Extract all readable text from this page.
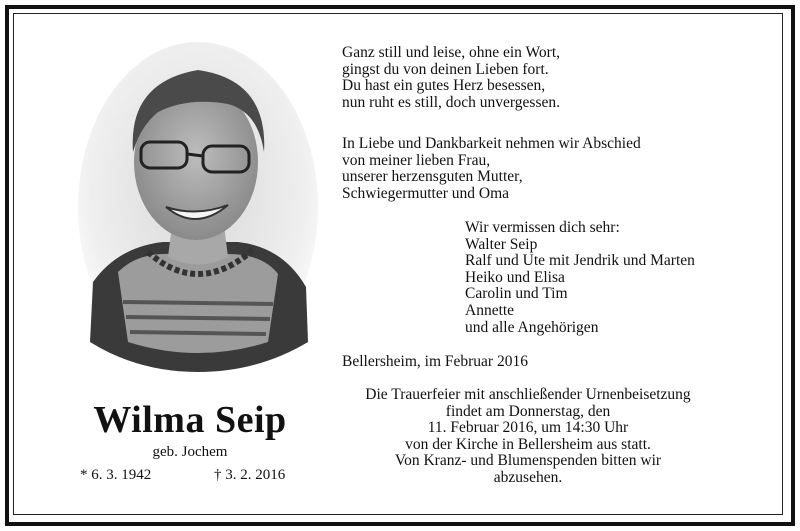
Wilma Seip
geb. Jochem
* 6. 3. 1942	† 3. 2. 2016
Ganz still und leise, ohne ein Wort,
gingst du von deinen Lieben fort.
Du hast ein gutes Herz besessen,
nun ruht es still, doch unvergessen.
In Liebe und Dankbarkeit nehmen wir Abschied
von meiner lieben Frau,
unserer herzensguten Mutter,
Schwiegermutter und Oma
Wir vermissen dich sehr:
Walter Seip
Ralf und Ute mit Jendrik und Marten
Heiko und Elisa
Carolin und Tim
Annette
und alle Angehörigen
Bellersheim, im Februar 2016
Die Trauerfeier mit anschließender Urnenbeisetzung
findet am Donnerstag, den
11. Februar 2016, um 14:30 Uhr
von der Kirche in Bellersheim aus statt.
Von Kranz- und Blumenspenden bitten wir
abzusehen.
